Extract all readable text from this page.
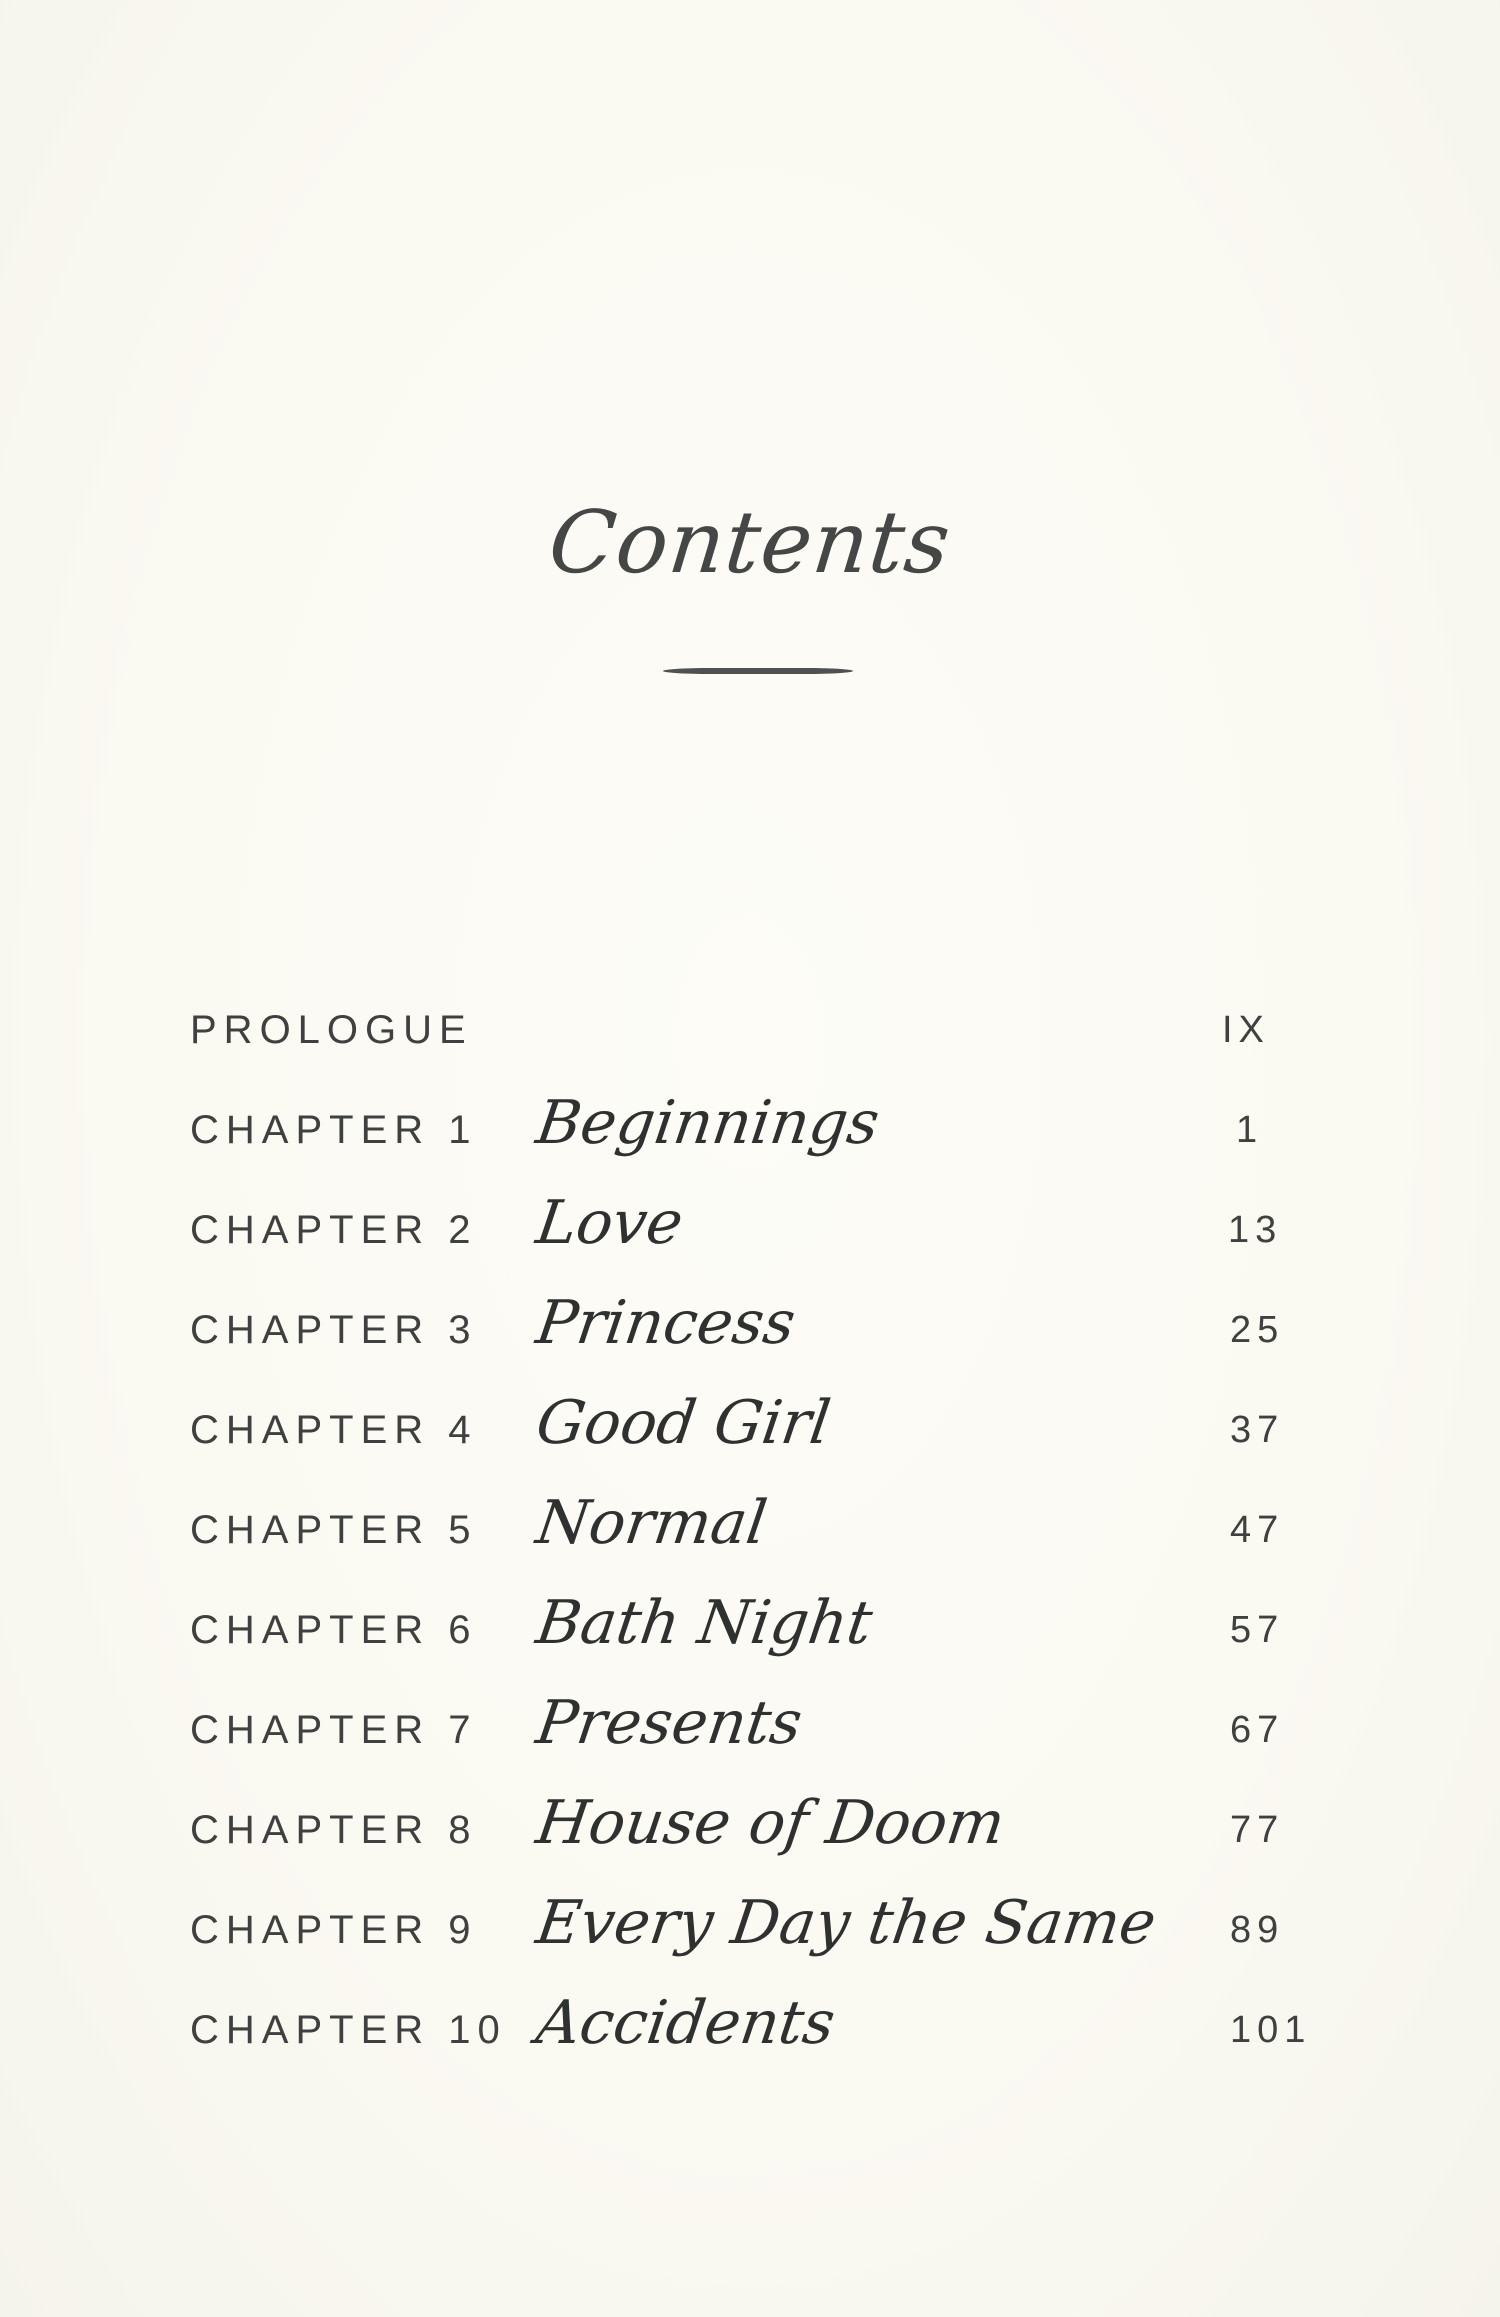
Contents
PROLOGUE	IX
CHAPTER 1 Beginnings	1
CHAPTER 2 Love	13
CHAPTER 3 Princess	25
CHAPTER 4 Good Girl	37
CHAPTER 5 Normal	47
CHAPTER 6 Bath Night	57
CHAPTER 7 Presents	67
CHAPTER 8 House of Doom	77
CHAPTER 9 Every Day the Same 89
CHAPTER 10 Accidents	101
